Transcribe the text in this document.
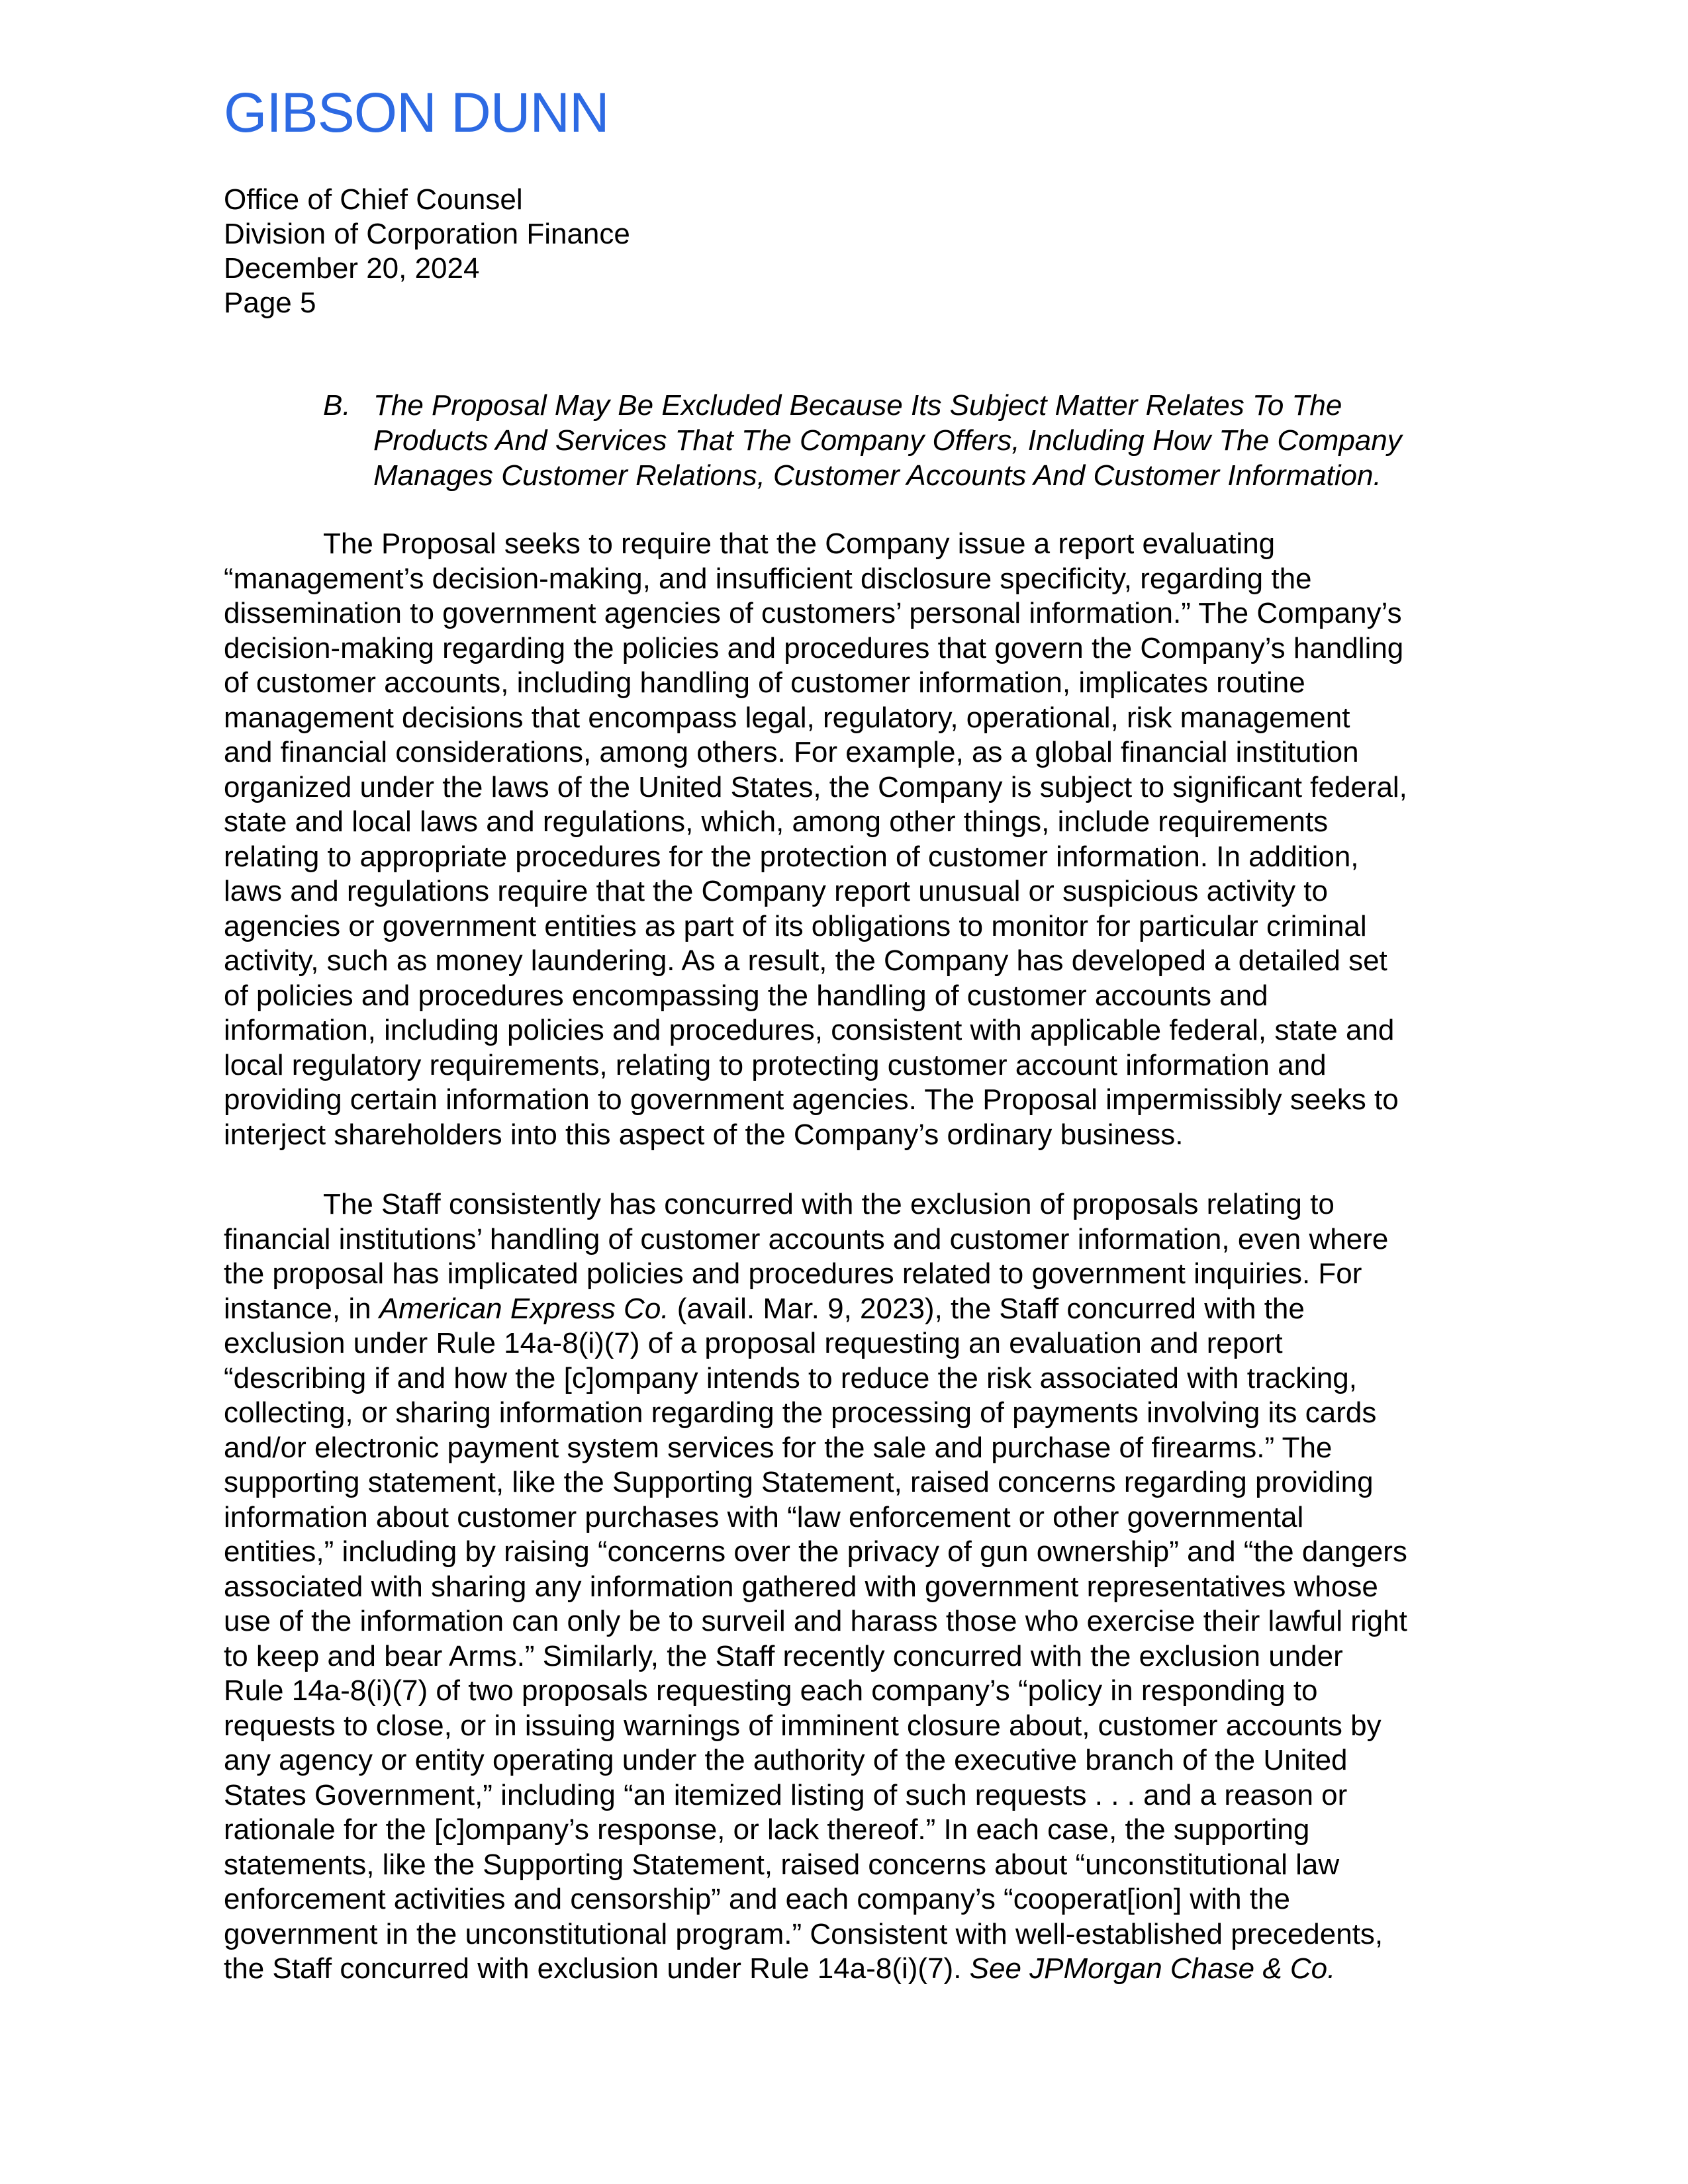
GIBSON DUNN
Office of Chief Counsel
Division of Corporation Finance
December 20, 2024
Page 5
B. The Proposal May Be Excluded Because Its Subject Matter Relates To The
Products And Services That The Company Offers, Including How The Company
Manages Customer Relations, Customer Accounts And Customer Information.
The Proposal seeks to require that the Company issue a report evaluating
“management’s decision-making, and insufficient disclosure specificity, regarding the
dissemination to government agencies of customers’ personal information.” The Company’s
decision-making regarding the policies and procedures that govern the Company’s handling
of customer accounts, including handling of customer information, implicates routine
management decisions that encompass legal, regulatory, operational, risk management
and financial considerations, among others. For example, as a global financial institution
organized under the laws of the United States, the Company is subject to significant federal,
state and local laws and regulations, which, among other things, include requirements
relating to appropriate procedures for the protection of customer information. In addition,
laws and regulations require that the Company report unusual or suspicious activity to
agencies or government entities as part of its obligations to monitor for particular criminal
activity, such as money laundering. As a result, the Company has developed a detailed set
of policies and procedures encompassing the handling of customer accounts and
information, including policies and procedures, consistent with applicable federal, state and
local regulatory requirements, relating to protecting customer account information and
providing certain information to government agencies. The Proposal impermissibly seeks to
interject shareholders into this aspect of the Company’s ordinary business.
The Staff consistently has concurred with the exclusion of proposals relating to
financial institutions’ handling of customer accounts and customer information, even where
the proposal has implicated policies and procedures related to government inquiries. For
instance, in American Express Co. (avail. Mar. 9, 2023), the Staff concurred with the
exclusion under Rule 14a-8(i)(7) of a proposal requesting an evaluation and report
“describing if and how the [c]ompany intends to reduce the risk associated with tracking,
collecting, or sharing information regarding the processing of payments involving its cards
and/or electronic payment system services for the sale and purchase of firearms.” The
supporting statement, like the Supporting Statement, raised concerns regarding providing
information about customer purchases with “law enforcement or other governmental
entities,” including by raising “concerns over the privacy of gun ownership” and “the dangers
associated with sharing any information gathered with government representatives whose
use of the information can only be to surveil and harass those who exercise their lawful right
to keep and bear Arms.” Similarly, the Staff recently concurred with the exclusion under
Rule 14a-8(i)(7) of two proposals requesting each company’s “policy in responding to
requests to close, or in issuing warnings of imminent closure about, customer accounts by
any agency or entity operating under the authority of the executive branch of the United
States Government,” including “an itemized listing of such requests . . . and a reason or
rationale for the [c]ompany’s response, or lack thereof.” In each case, the supporting
statements, like the Supporting Statement, raised concerns about “unconstitutional law
enforcement activities and censorship” and each company’s “cooperat[ion] with the
government in the unconstitutional program.” Consistent with well-established precedents,
the Staff concurred with exclusion under Rule 14a-8(i)(7). See JPMorgan Chase & Co.
